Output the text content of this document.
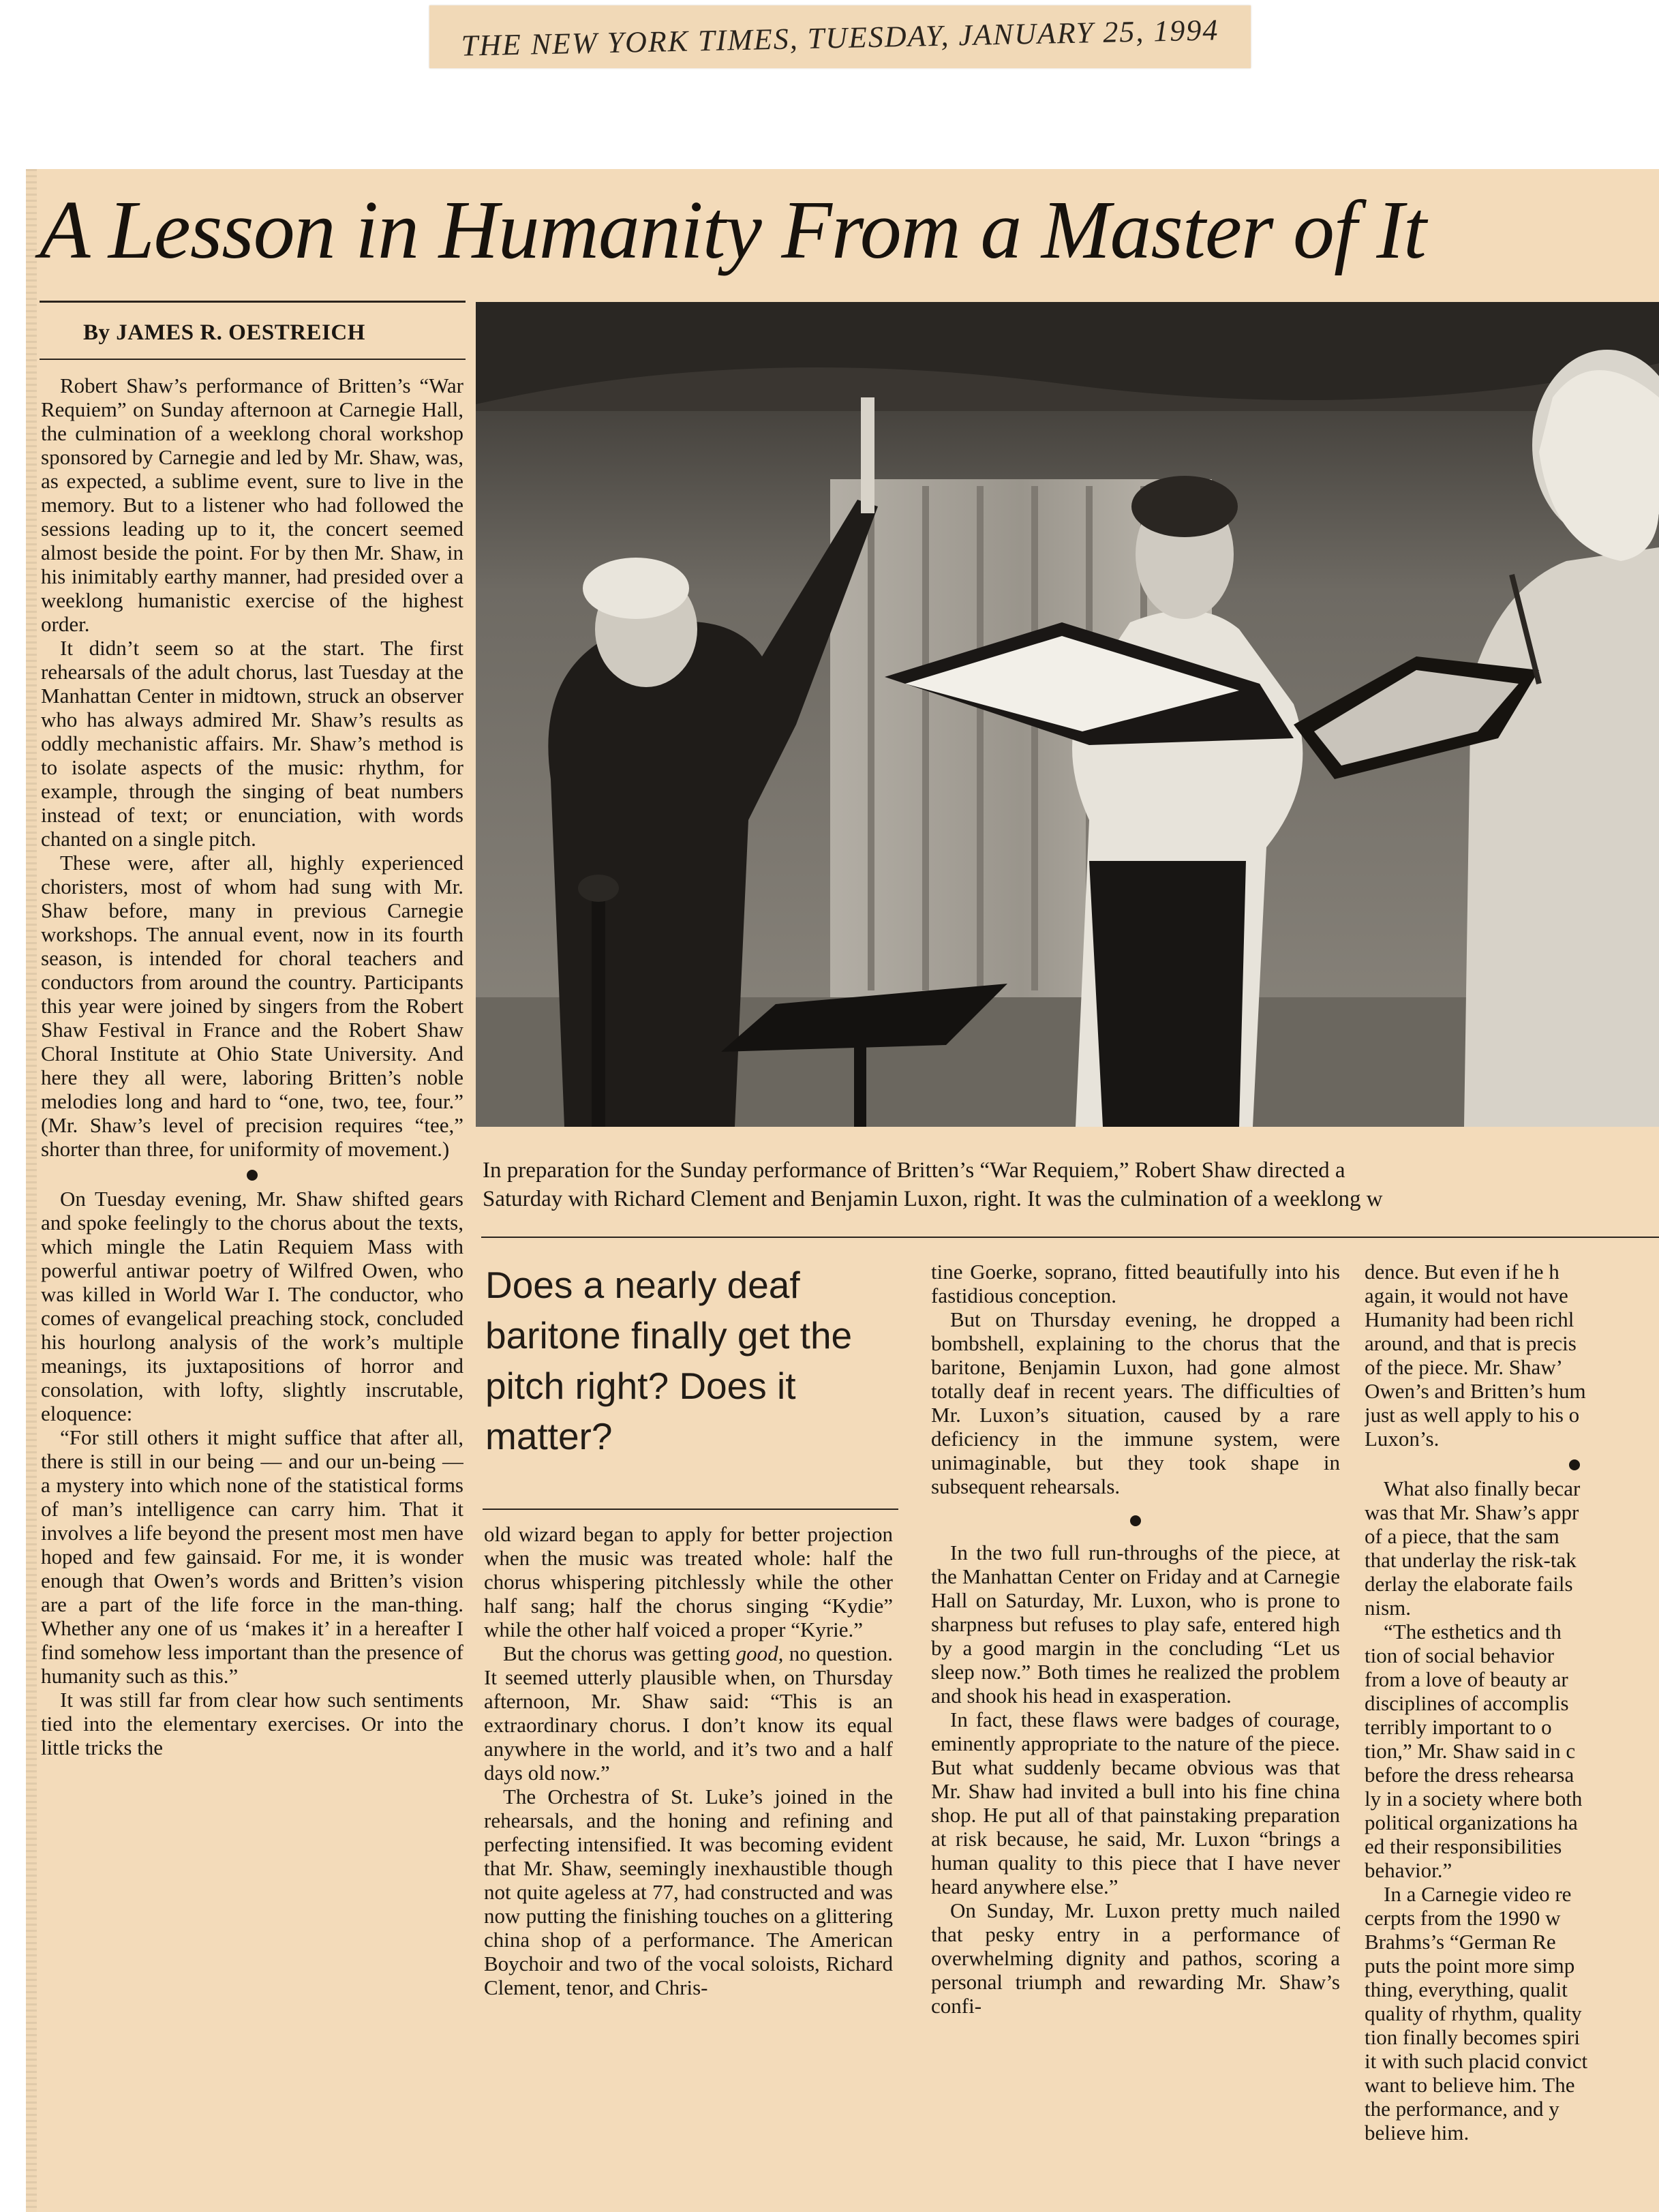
THE NEW YORK TIMES, TUESDAY, JANUARY 25, 1994
A Lesson in Humanity From a Master of It
By JAMES R. OESTREICH

Robert Shaw’s performance of Britten’s “War Requiem” on Sunday afternoon at Carnegie Hall, the culmination of a weeklong choral workshop sponsored by Carnegie and led by Mr. Shaw, was, as expected, a sublime event, sure to live in the memory. But to a listener who had followed the sessions leading up to it, the concert seemed almost beside the point. For by then Mr. Shaw, in his inimitably earthy manner, had presided over a weeklong humanistic exercise of the highest order.

It didn’t seem so at the start. The first rehearsals of the adult chorus, last Tuesday at the Manhattan Center in midtown, struck an observer who has always admired Mr. Shaw’s results as oddly mechanistic affairs. Mr. Shaw’s method is to isolate aspects of the music: rhythm, for example, through the singing of beat numbers instead of text; or enunciation, with words chanted on a single pitch.

These were, after all, highly experienced choristers, most of whom had sung with Mr. Shaw before, many in previous Carnegie workshops. The annual event, now in its fourth season, is intended for choral teachers and conductors from around the country. Participants this year were joined by singers from the Robert Shaw Festival in France and the Robert Shaw Choral Institute at Ohio State University. And here they all were, laboring Britten’s noble melodies long and hard to “one, two, tee, four.” (Mr. Shaw’s level of precision requires “tee,” shorter than three, for uniformity of movement.)

On Tuesday evening, Mr. Shaw shifted gears and spoke feelingly to the chorus about the texts, which mingle the Latin Requiem Mass with powerful antiwar poetry of Wilfred Owen, who was killed in World War I. The conductor, who comes of evangelical preaching stock, concluded his hourlong analysis of the work’s multiple meanings, its juxtapositions of horror and consolation, with lofty, slightly inscrutable, eloquence:

“For still others it might suffice that after all, there is still in our being — and our un-being — a mystery into which none of the statistical forms of man’s intelligence can carry him. That it involves a life beyond the present most men have hoped and few gainsaid. For me, it is wonder enough that Owen’s words and Britten’s vision are a part of the life force in the man-thing. Whether any one of us ‘makes it’ in a hereafter I find somehow less important than the presence of humanity such as this.”

It was still far from clear how such sentiments tied into the elementary exercises. Or into the little tricks the

In preparation for the Sunday performance of Britten’s “War Requiem,” Robert Shaw directed a
Saturday with Richard Clement and Benjamin Luxon, right. It was the culmination of a weeklong w
Does a nearly deaf baritone finally get the pitch right? Does it matter?

old wizard began to apply for better projection when the music was treated whole: half the chorus whispering pitchlessly while the other half sang; half the chorus singing “Kydie” while the other half voiced a proper “Kyrie.”

But the chorus was getting good, no question. It seemed utterly plausible when, on Thursday afternoon, Mr. Shaw said: “This is an extraordinary chorus. I don’t know its equal anywhere in the world, and it’s two and a half days old now.”

The Orchestra of St. Luke’s joined in the rehearsals, and the honing and refining and perfecting intensified. It was becoming evident that Mr. Shaw, seemingly inexhaustible though not quite ageless at 77, had constructed and was now putting the finishing touches on a glittering china shop of a performance. The American Boychoir and two of the vocal soloists, Richard Clement, tenor, and Chris-

tine Goerke, soprano, fitted beautifully into his fastidious conception.

But on Thursday evening, he dropped a bombshell, explaining to the chorus that the baritone, Benjamin Luxon, had gone almost totally deaf in recent years. The difficulties of Mr. Luxon’s situation, caused by a rare deficiency in the immune system, were unimaginable, but they took shape in subsequent rehearsals.

In the two full run-throughs of the piece, at the Manhattan Center on Friday and at Carnegie Hall on Saturday, Mr. Luxon, who is prone to sharpness but refuses to play safe, entered high by a good margin in the concluding “Let us sleep now.” Both times he realized the problem and shook his head in exasperation.

In fact, these flaws were badges of courage, eminently appropriate to the nature of the piece. But what suddenly became obvious was that Mr. Shaw had invited a bull into his fine china shop. He put all of that painstaking preparation at risk because, he said, Mr. Luxon “brings a human quality to this piece that I have never heard anywhere else.”

On Sunday, Mr. Luxon pretty much nailed that pesky entry in a performance of overwhelming dignity and pathos, scoring a personal triumph and rewarding Mr. Shaw’s confi-

dence. But even if he h
again, it would not have
Humanity had been richl
around, and that is precis
of the piece. Mr. Shaw’
Owen’s and Britten’s hum
just as well apply to his o
Luxon’s.
What also finally becar
was that Mr. Shaw’s appr
of a piece, that the sam
that underlay the risk-tak
derlay the elaborate fails
nism.
“The esthetics and th
tion of social behavior
from a love of beauty ar
disciplines of accomplis
terribly important to o
tion,” Mr. Shaw said in c
before the dress rehearsa
ly in a society where both
political organizations ha
ed their responsibilities
behavior.”
In a Carnegie video re
cerpts from the 1990 w
Brahms’s “German Re
puts the point more simp
thing, everything, qualit
quality of rhythm, quality
tion finally becomes spiri
it with such placid convict
want to believe him. The
the performance, and y
believe him.
